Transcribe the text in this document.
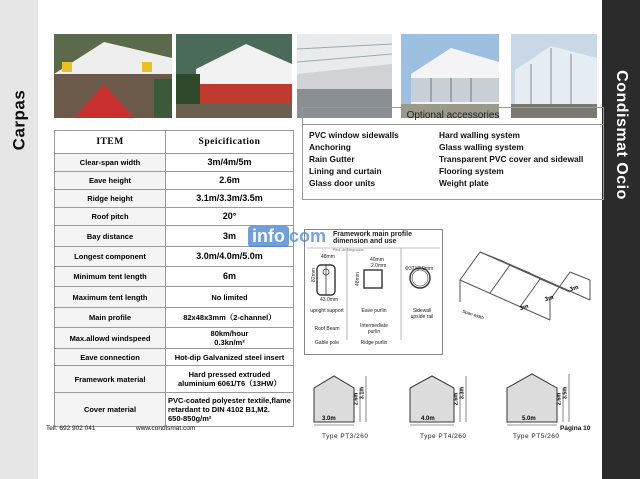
Carpas	Condismat Ocio
ITEM	Speicification
Clear-span width	3m/4m/5m
Eave height	2.6m
Ridge height	3.1m/3.3m/3.5m
Roof pitch	20°
Bay distance	3m
Longest component	3.0m/4.0m/5.0m
Minimum tent length	6m
Maximum tent length	No limited
Main profile	82x48x3mm（2-channel）
Max.allowd windspeed	80km/hour
0.3kn/m²
Eave connection	Hot-dip Galvanized steel insert
Framework material	Hard pressed extruded
aluminium 6061/T6（13HW）
Cover material	PVC-coated polyester textile,flame
retardant to DIN 4102 B1,M2.
650-850g/m²
Optional accessories
PVC window sidewalls
Anchoring
Rain Gutter
Lining and curtain
Glass door units
Hard walling system
Glass walling system
Transparent PVC cover and sidewall
Flooring system
Weight plate
Framework main profile
dimension and use
Red de Negocios
48mm
82mm
40mm
2.0mm
48mm
Φ37X2.0mm
43.0mm
upright support	Eave purlin	Sidewall
upside rail
Roof Beam	Intermediate
purlin
Gable pole	Ridge purlin
info com
3m
3m
3m
Span width
3.0m
2.6m 3.1m
4.0m
2.6m 3.3m
5.0m
2.6m 3.5m
Type PT3/260	Type PT4/260	Type PT5/260
Tell. 692 902 041	www.condismat.com	Página 10
